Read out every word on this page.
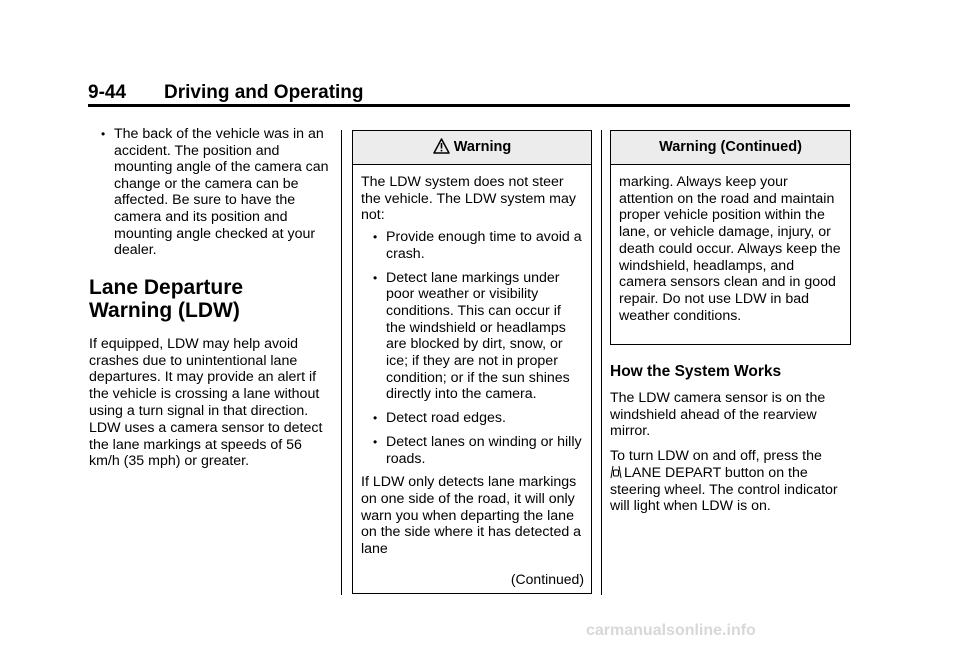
9-44 Driving and Operating
• The back of the vehicle was in an accident. The position and mounting angle of the camera can change or the camera can be affected. Be sure to have the camera and its position and mounting angle checked at your dealer.
Lane Departure
Warning (LDW)

If equipped, LDW may help avoid crashes due to unintentional lane departures. It may provide an alert if the vehicle is crossing a lane without using a turn signal in that direction. LDW uses a camera sensor to detect the lane markings at speeds of 56 km/h (35 mph) or greater.

Warning

The LDW system does not steer the vehicle. The LDW system may not:

• Provide enough time to avoid a crash.
• Detect lane markings under poor weather or visibility conditions. This can occur if the windshield or headlamps are blocked by dirt, snow, or ice; if they are not in proper condition; or if the sun shines directly into the camera.
• Detect road edges.
• Detect lanes on winding or hilly roads.

If LDW only detects lane markings on one side of the road, it will only warn you when departing the lane on the side where it has detected a lane

(Continued)
Warning (Continued)
marking. Always keep your attention on the road and maintain proper vehicle position within the lane, or vehicle damage, injury, or death could occur. Always keep the windshield, headlamps, and camera sensors clean and in good repair. Do not use LDW in bad weather conditions.
How the System Works

The LDW camera sensor is on the windshield ahead of the rearview mirror.

To turn LDW on and off, press the
LANE DEPART button on the steering wheel. The control indicator will light when LDW is on.

carmanualsonline.info
